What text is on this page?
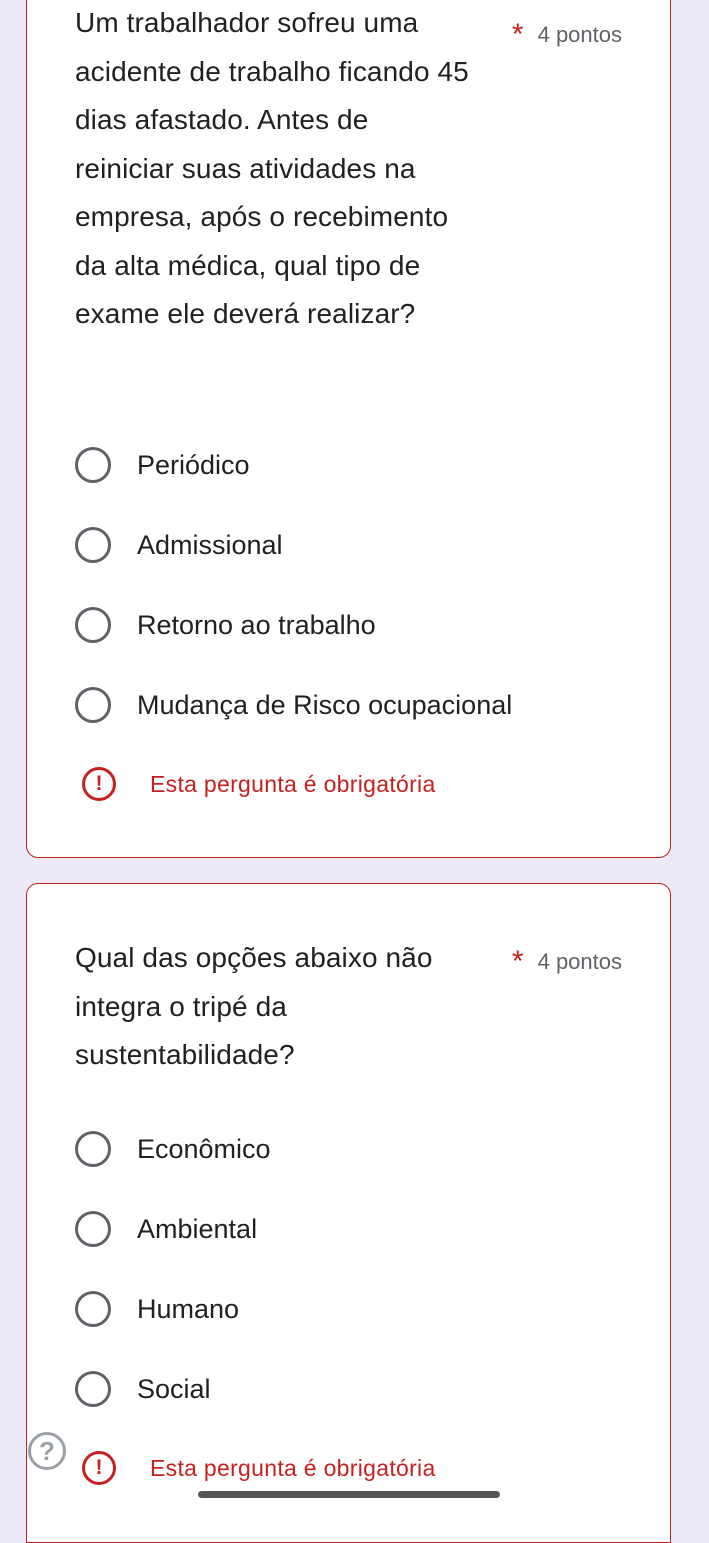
Um trabalhador sofreu uma acidente de trabalho ficando 45 dias afastado. Antes de reiniciar suas atividades na empresa, após o recebimento da alta médica, qual tipo de exame ele deverá realizar?
* 4 pontos
Periódico
Admissional
Retorno ao trabalho
Mudança de Risco ocupacional
!	Esta pergunta é obrigatória
Qual das opções abaixo não integra o tripé da sustentabilidade?
* 4 pontos
Econômico
Ambiental
Humano
Social
!	Esta pergunta é obrigatória
?
